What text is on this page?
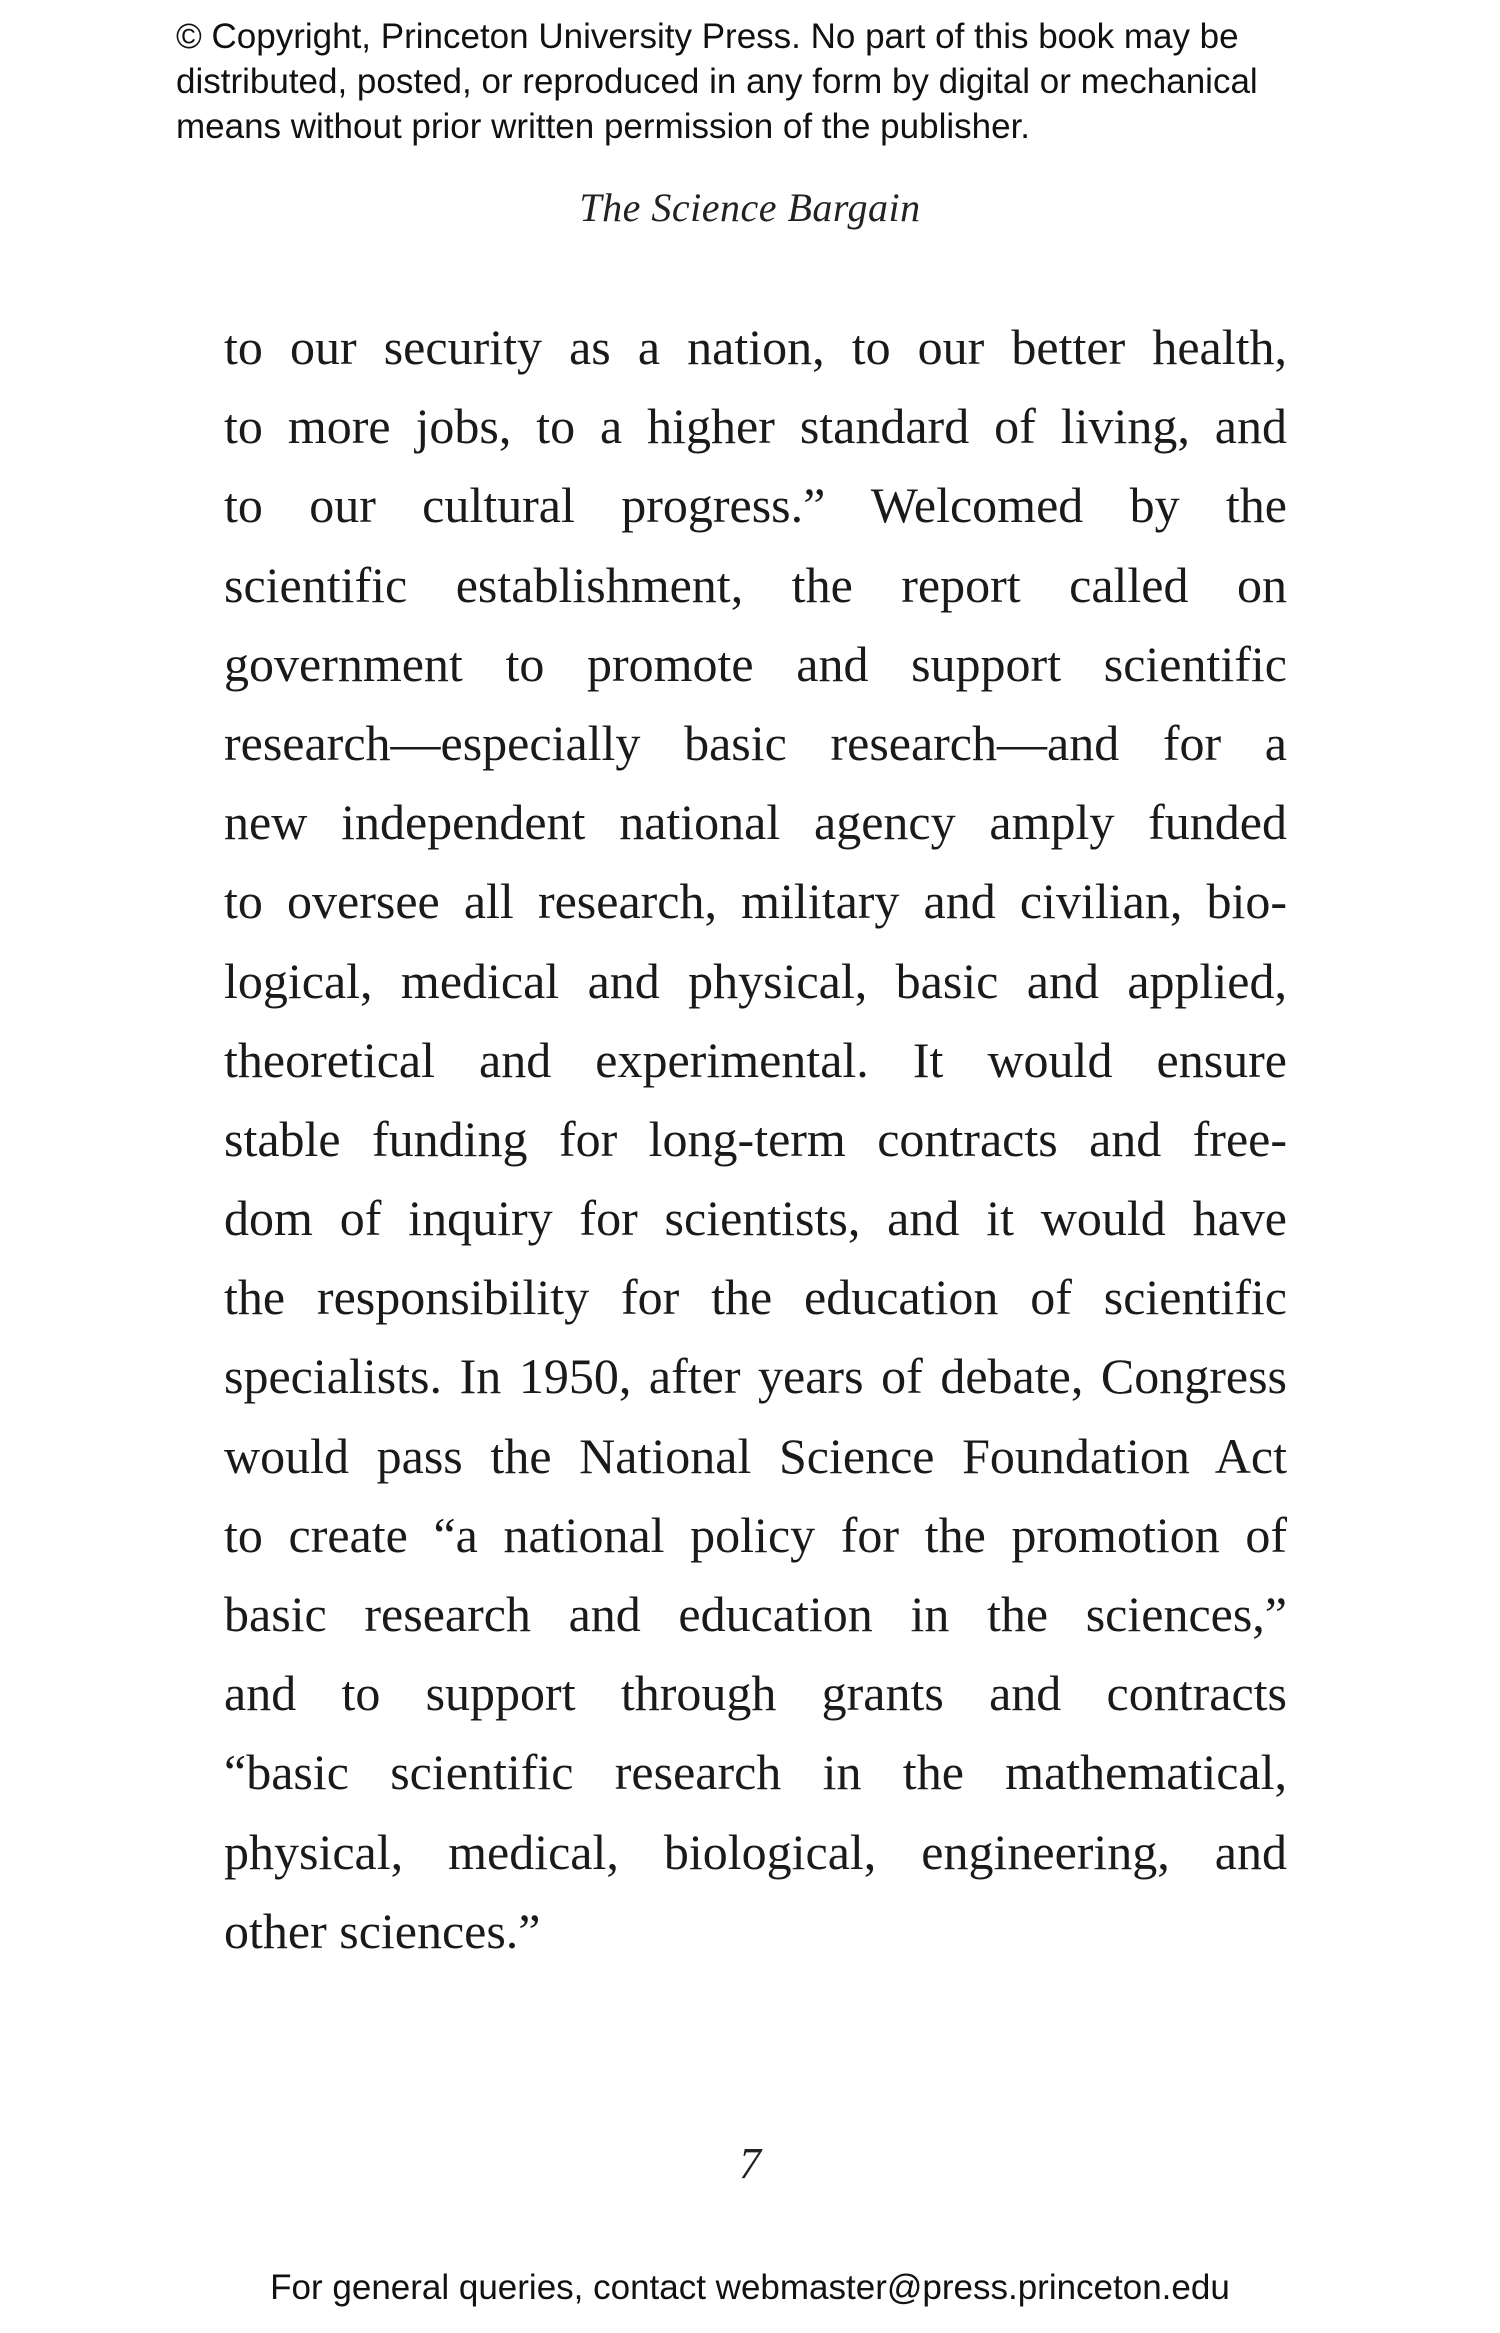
© Copyright, Princeton University Press. No part of this book may be
distributed, posted, or reproduced in any form by digital or mechanical
means without prior written permission of the publisher.
The Science Bargain
to our security as a nation, to our better health,
to more jobs, to a higher standard of living, and
to our cultural progress.” Welcomed by the
scientific establishment, the report called on
government to promote and support scientific
research—especially basic research—and for a
new independent national agency amply funded
to oversee all research, military and civilian, bio-
logical, medical and physical, basic and applied,
theoretical and experimental. It would ensure
stable funding for long-term contracts and free-
dom of inquiry for scientists, and it would have
the responsibility for the education of scientific
specialists. In 1950, after years of debate, Congress
would pass the National Science Foundation Act
to create “a national policy for the promotion of
basic research and education in the sciences,”
and to support through grants and contracts
“basic scientific research in the mathematical,
physical, medical, biological, engineering, and
other sciences.”
7
For general queries, contact webmaster@press.princeton.edu
